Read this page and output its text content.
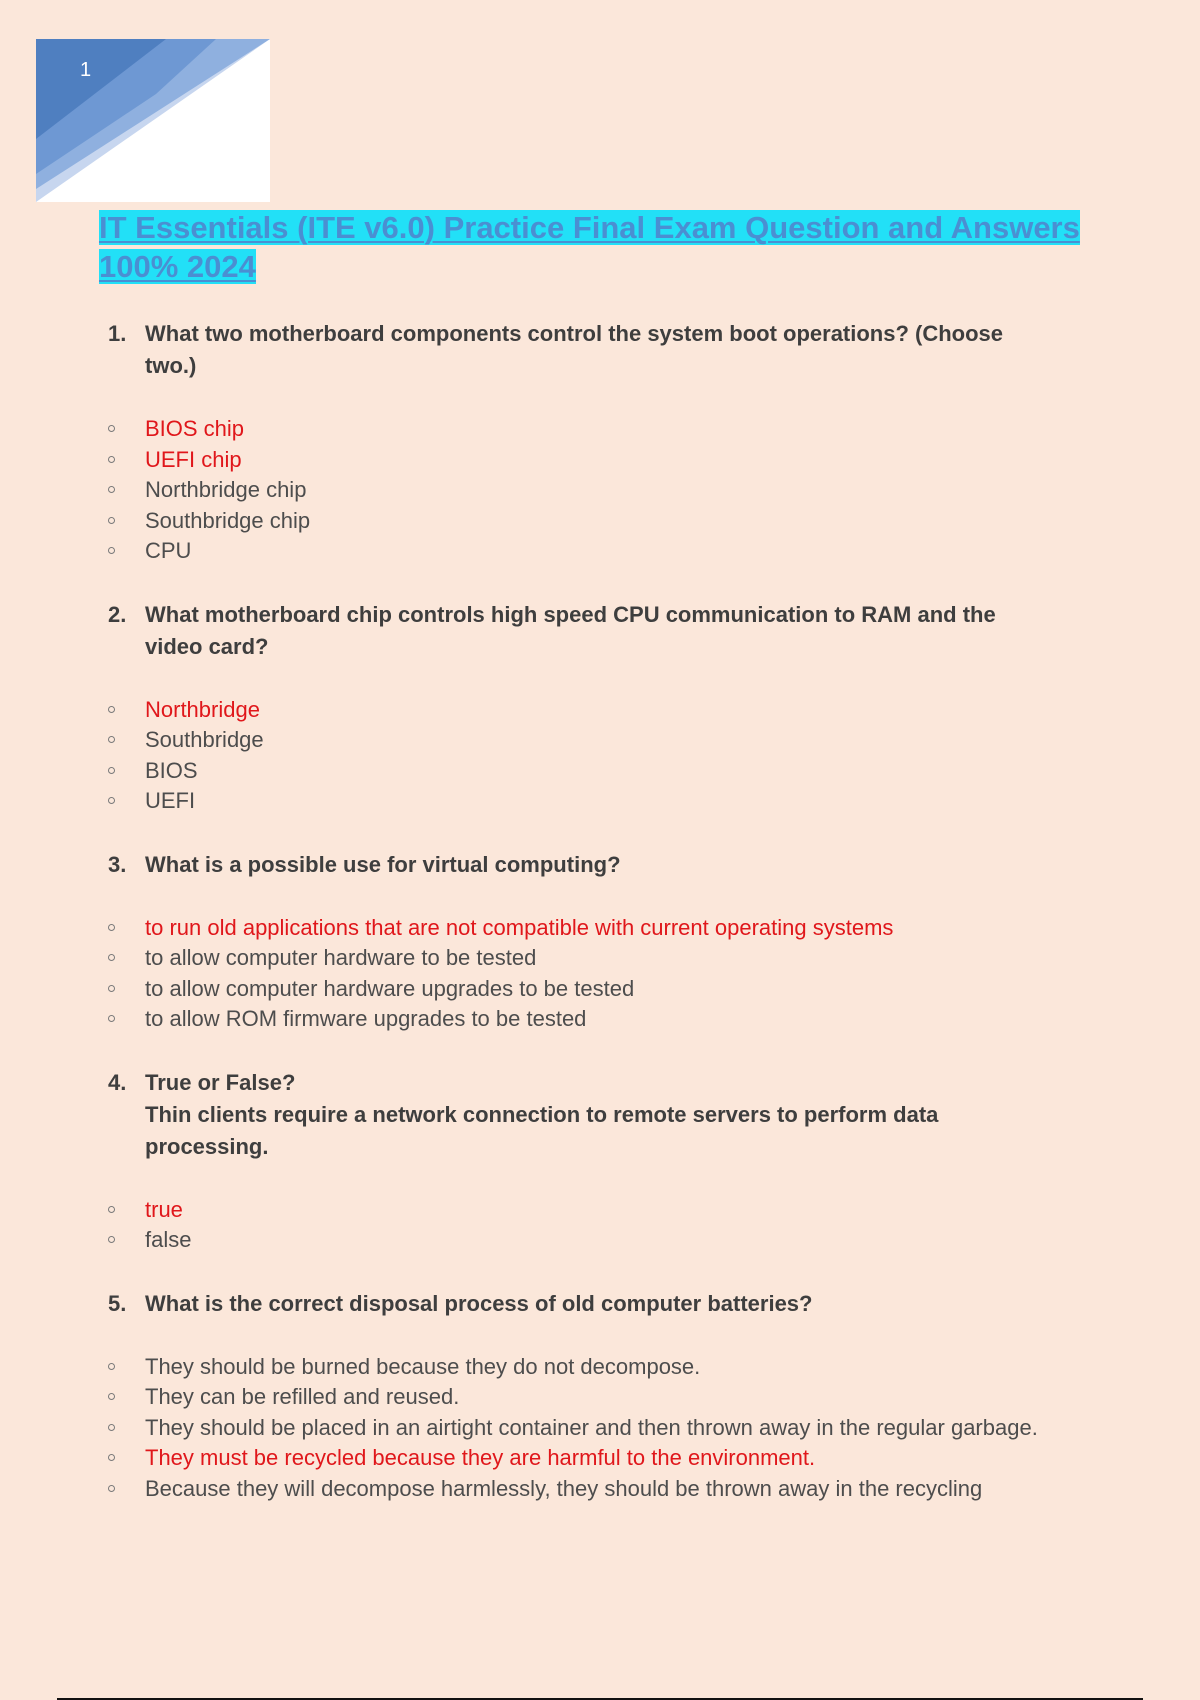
1
IT Essentials (ITE v6.0) Practice Final Exam Question and Answers 100% 2024
1. What two motherboard components control the system boot operations? (Choose
two.)
BIOS chip
UEFI chip
Northbridge chip
Southbridge chip
CPU
2. What motherboard chip controls high speed CPU communication to RAM and the
video card?
Northbridge
Southbridge
BIOS
UEFI
3. What is a possible use for virtual computing?
to run old applications that are not compatible with current operating systems
to allow computer hardware to be tested
to allow computer hardware upgrades to be tested
to allow ROM firmware upgrades to be tested
4. True or False?
Thin clients require a network connection to remote servers to perform data
processing.
true
false
5. What is the correct disposal process of old computer batteries?
They should be burned because they do not decompose.
They can be refilled and reused.
They should be placed in an airtight container and then thrown away in the regular garbage.
They must be recycled because they are harmful to the environment.
Because they will decompose harmlessly, they should be thrown away in the recycling
